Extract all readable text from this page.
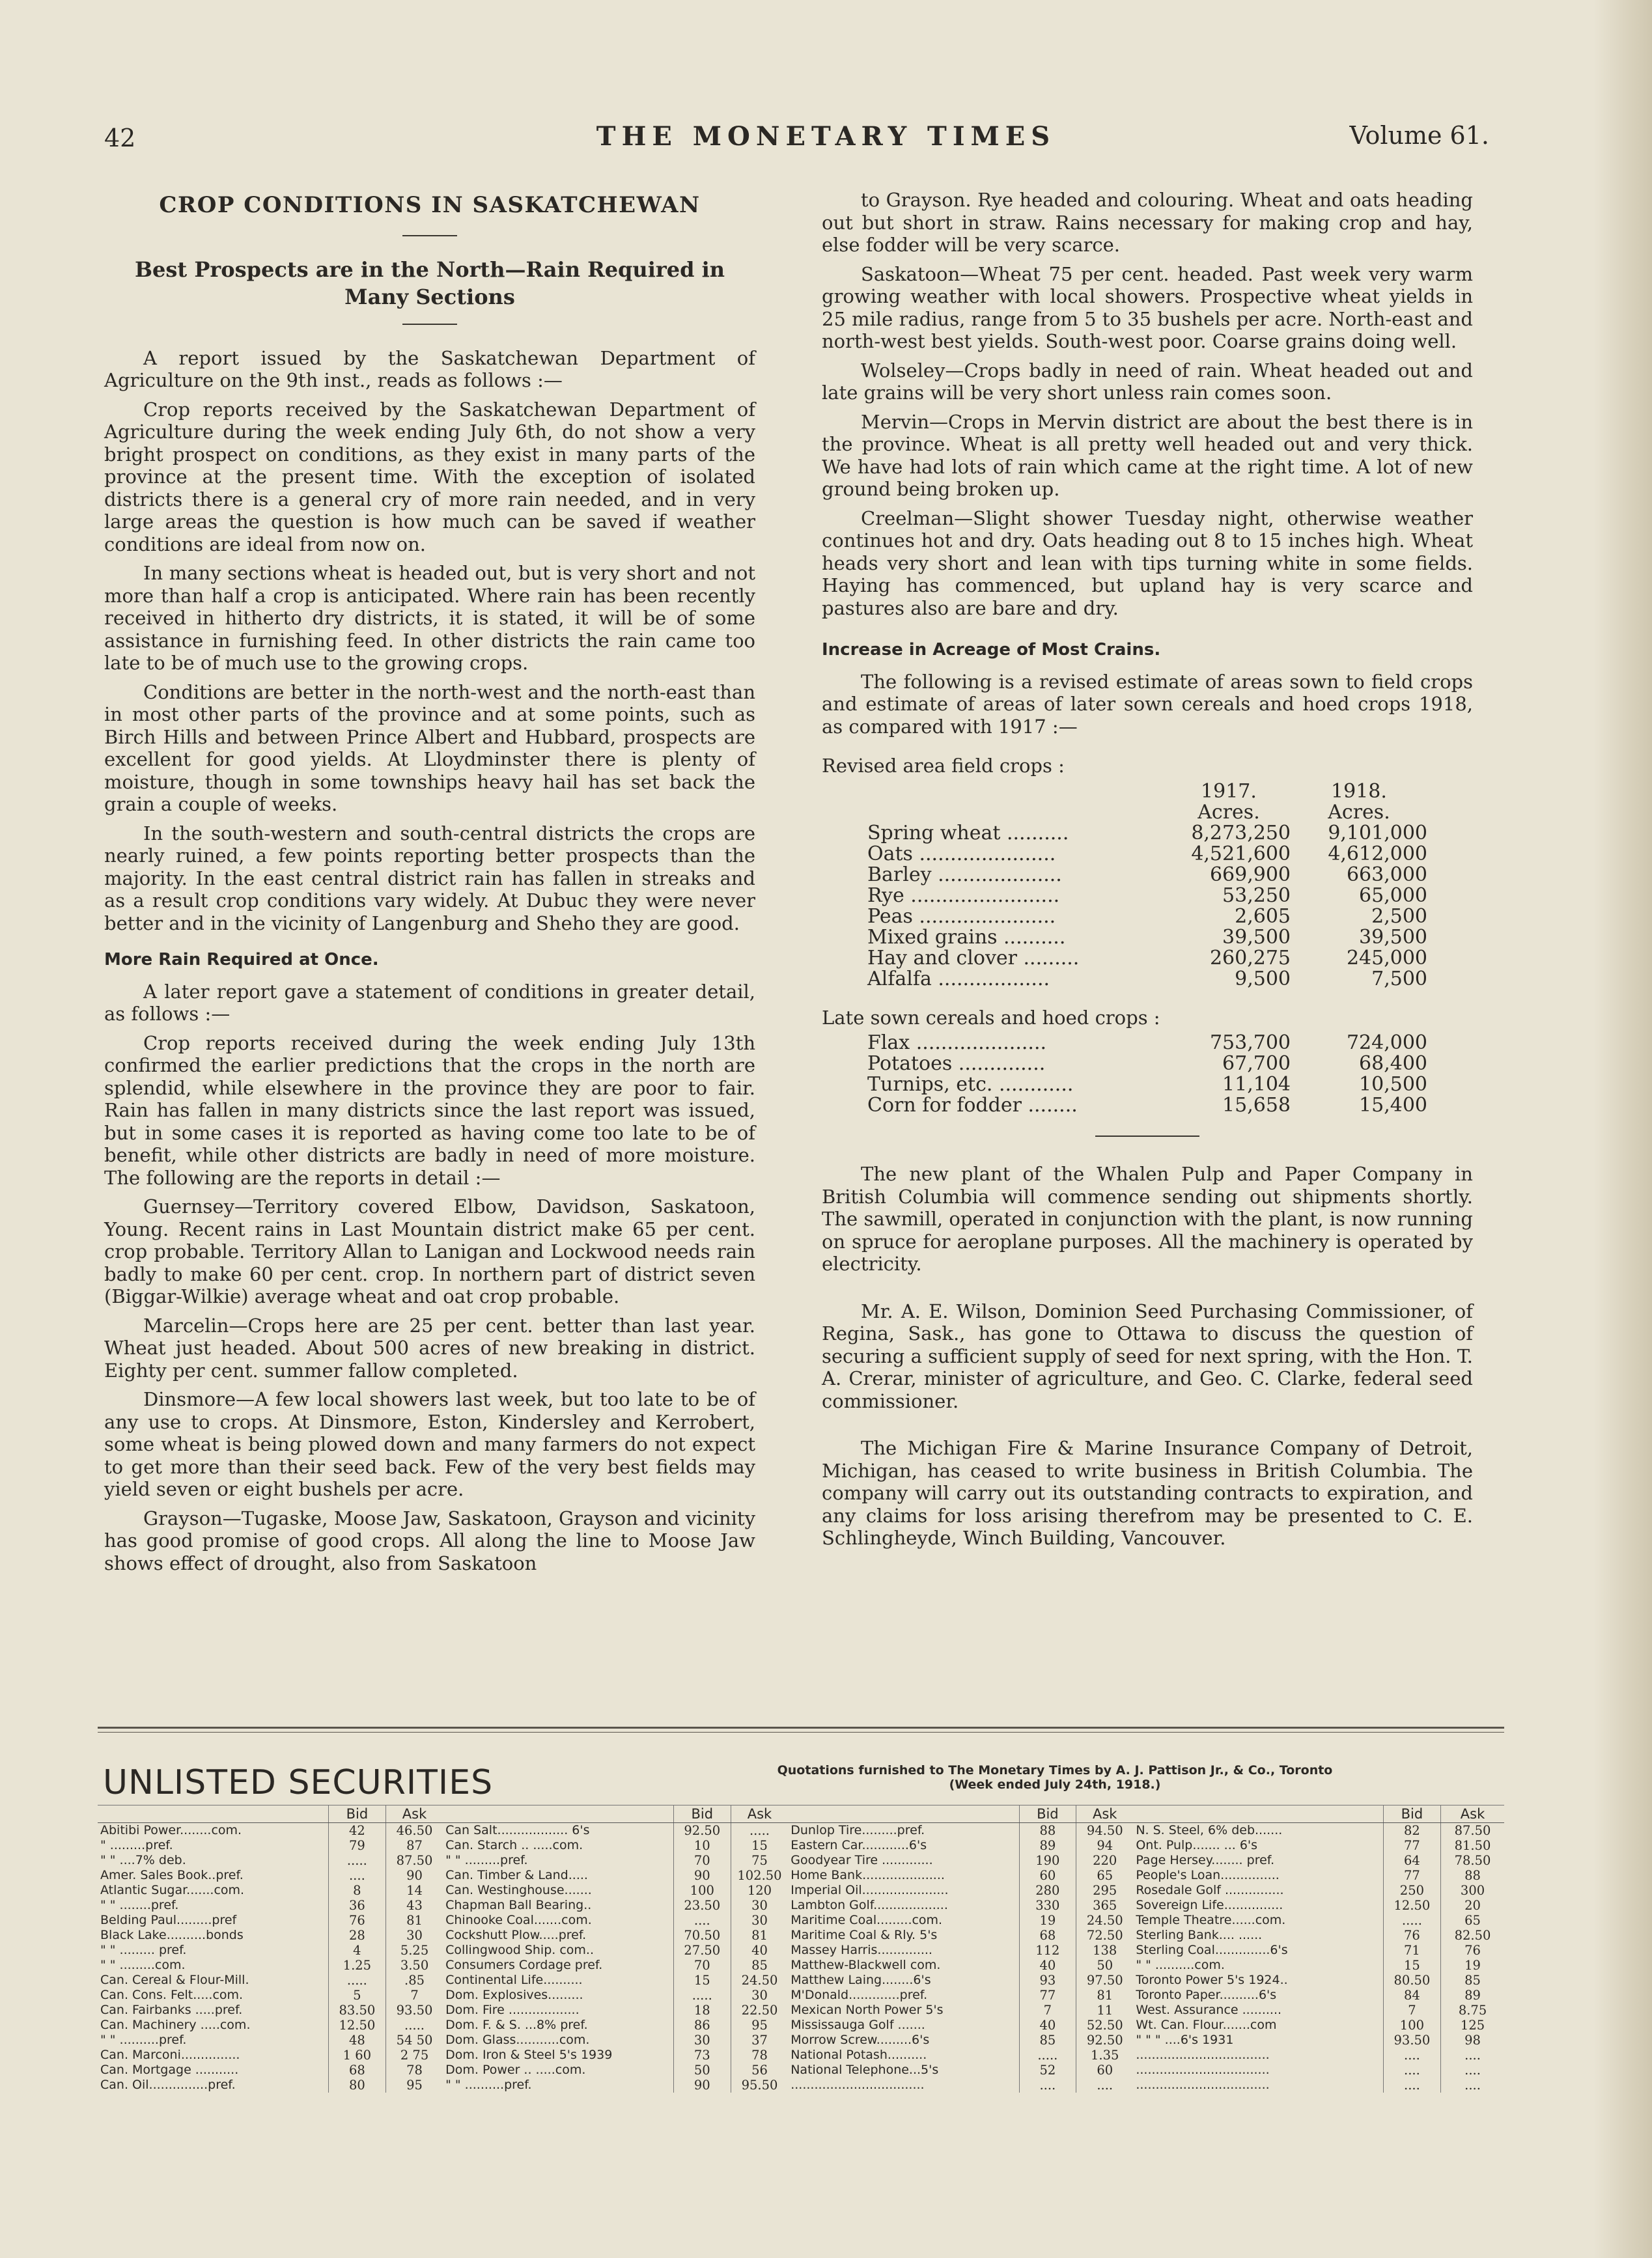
42	THE MONETARY TIMES	Volume 61.
CROP CONDITIONS IN SASKATCHEWAN
Best Prospects are in the North—Rain Required in Many Sections

A report issued by the Saskatchewan Department of Agriculture on the 9th inst., reads as follows :—

Crop reports received by the Saskatchewan Department of Agriculture during the week ending July 6th, do not show a very bright prospect on conditions, as they exist in many parts of the province at the present time. With the exception of isolated districts there is a general cry of more rain needed, and in very large areas the question is how much can be saved if weather conditions are ideal from now on.

In many sections wheat is headed out, but is very short and not more than half a crop is anticipated. Where rain has been recently received in hitherto dry districts, it is stated, it will be of some assistance in furnishing feed. In other districts the rain came too late to be of much use to the growing crops.

Conditions are better in the north-west and the north-east than in most other parts of the province and at some points, such as Birch Hills and between Prince Albert and Hubbard, prospects are excellent for good yields. At Lloydminster there is plenty of moisture, though in some townships heavy hail has set back the grain a couple of weeks.

In the south-western and south-central districts the crops are nearly ruined, a few points reporting better prospects than the majority. In the east central district rain has fallen in streaks and as a result crop conditions vary widely. At Dubuc they were never better and in the vicinity of Langenburg and Sheho they are good.

More Rain Required at Once.

A later report gave a statement of conditions in greater detail, as follows :—

Crop reports received during the week ending July 13th confirmed the earlier predictions that the crops in the north are splendid, while elsewhere in the province they are poor to fair. Rain has fallen in many districts since the last report was issued, but in some cases it is reported as having come too late to be of benefit, while other districts are badly in need of more moisture. The following are the reports in detail :—

Guernsey—Territory covered Elbow, Davidson, Saskatoon, Young. Recent rains in Last Mountain district make 65 per cent. crop probable. Territory Allan to Lanigan and Lockwood needs rain badly to make 60 per cent. crop. In northern part of district seven (Biggar-Wilkie) average wheat and oat crop probable.

Marcelin—Crops here are 25 per cent. better than last year. Wheat just headed. About 500 acres of new breaking in district. Eighty per cent. summer fallow completed.

Dinsmore—A few local showers last week, but too late to be of any use to crops. At Dinsmore, Eston, Kindersley and Kerrobert, some wheat is being plowed down and many farmers do not expect to get more than their seed back. Few of the very best fields may yield seven or eight bushels per acre.

Grayson—Tugaske, Moose Jaw, Saskatoon, Grayson and vicinity has good promise of good crops. All along the line to Moose Jaw shows effect of drought, also from Saskatoon

to Grayson. Rye headed and colouring. Wheat and oats heading out but short in straw. Rains necessary for making crop and hay, else fodder will be very scarce.

Saskatoon—Wheat 75 per cent. headed. Past week very warm growing weather with local showers. Prospective wheat yields in 25 mile radius, range from 5 to 35 bushels per acre. North-east and north-west best yields. South-west poor. Coarse grains doing well.

Wolseley—Crops badly in need of rain. Wheat headed out and late grains will be very short unless rain comes soon.

Mervin—Crops in Mervin district are about the best there is in the province. Wheat is all pretty well headed out and very thick. We have had lots of rain which came at the right time. A lot of new ground being broken up.

Creelman—Slight shower Tuesday night, otherwise weather continues hot and dry. Oats heading out 8 to 15 inches high. Wheat heads very short and lean with tips turning white in some fields. Haying has commenced, but upland hay is very scarce and pastures also are bare and dry.

Increase in Acreage of Most Crains.

The following is a revised estimate of areas sown to field crops and estimate of areas of later sown cereals and hoed crops 1918, as compared with 1917 :—

Revised area field crops :

	1917.	1918.
	Acres.	Acres.
Spring wheat ..........	8,273,250	9,101,000
Oats ......................	4,521,600	4,612,000
Barley ....................	669,900	663,000
Rye ........................	53,250	65,000
Peas ......................	2,605	2,500
Mixed grains ..........	39,500	39,500
Hay and clover .........	260,275	245,000
Alfalfa ..................	9,500	7,500

Late sown cereals and hoed crops :

Flax .....................	753,700	724,000
Potatoes ..............	67,700	68,400
Turnips, etc. ............	11,104	10,500
Corn for fodder ........	15,658	15,400

The new plant of the Whalen Pulp and Paper Company in British Columbia will commence sending out shipments shortly. The sawmill, operated in conjunction with the plant, is now running on spruce for aeroplane purposes. All the machinery is operated by electricity.

Mr. A. E. Wilson, Dominion Seed Purchasing Commissioner, of Regina, Sask., has gone to Ottawa to discuss the question of securing a sufficient supply of seed for next spring, with the Hon. T. A. Crerar, minister of agriculture, and Geo. C. Clarke, federal seed commissioner.

The Michigan Fire & Marine Insurance Company of Detroit, Michigan, has ceased to write business in British Columbia. The company will carry out its outstanding contracts to expiration, and any claims for loss arising therefrom may be presented to C. E. Schlingheyde, Winch Building, Vancouver.

UNLISTED SECURITIES	Quotations furnished to The Monetary Times by A. J. Pattison Jr., & Co., Toronto
(Week ended July 24th, 1918.)
	Bid	Ask
Abitibi Power........com.	42	46.50
" .........pref.	79	87
" " ....7% deb.	.....	87.50
Amer. Sales Book..pref.	....	90
Atlantic Sugar.......com.	8	14
" " ........pref.	36	43
Belding Paul.........pref	76	81
Black Lake..........bonds	28	30
" " ......... pref.	4	5.25
" " .........com.	1.25	3.50
Can. Cereal & Flour-Mill.	.....	.85
Can. Cons. Felt.....com.	5	7
Can. Fairbanks .....pref.	83.50	93.50
Can. Machinery .....com.	12.50	.....
" " ..........pref.	48	54 50
Can. Marconi...............	1 60	2 75
Can. Mortgage ...........	68	78
Can. Oil...............pref.	80	95
	Bid	Ask
Can Salt.................. 6's	92.50	.....
Can. Starch .. .....com.	10	15
" " .........pref.	70	75
Can. Timber & Land.....	90	102.50
Can. Westinghouse.......	100	120
Chapman Ball Bearing..	23.50	30
Chinooke Coal.......com.	....	30
Cockshutt Plow.....pref.	70.50	81
Collingwood Ship. com..	27.50	40
Consumers Cordage pref.	70	85
Continental Life..........	15	24.50
Dom. Explosives.........	.....	30
Dom. Fire ..................	18	22.50
Dom. F. & S. ...8% pref.	86	95
Dom. Glass...........com.	30	37
Dom. Iron & Steel 5's 1939	73	78
Dom. Power .. .....com.	50	56
" " ..........pref.	90	95.50
	Bid	Ask
Dunlop Tire.........pref.	88	94.50
Eastern Car............6's	89	94
Goodyear Tire .............	190	220
Home Bank.....................	60	65
Imperial Oil......................	280	295
Lambton Golf...................	330	365
Maritime Coal.........com.	19	24.50
Maritime Coal & Rly. 5's	68	72.50
Massey Harris..............	112	138
Matthew-Blackwell com.	40	50
Matthew Laing........6's	93	97.50
M'Donald.............pref.	77	81
Mexican North Power 5's	7	11
Mississauga Golf .......	40	52.50
Morrow Screw.........6's	85	92.50
National Potash..........	.....	1.35
National Telephone...5's	52	60
..................................	....	....
	Bid	Ask
N. S. Steel, 6% deb.......	82	87.50
Ont. Pulp....... ... 6's	77	81.50
Page Hersey........ pref.	64	78.50
People's Loan...............	77	88
Rosedale Golf ...............	250	300
Sovereign Life...............	12.50	20
Temple Theatre......com.	.....	65
Sterling Bank.... ......	76	82.50
Sterling Coal..............6's	71	76
" " ..........com.	15	19
Toronto Power 5's 1924..	80.50	85
Toronto Paper..........6's	84	89
West. Assurance ..........	7	8.75
Wt. Can. Flour.......com	100	125
" " " ....6's 1931	93.50	98
..................................	....	....
..................................	....	....
..................................	....	....
